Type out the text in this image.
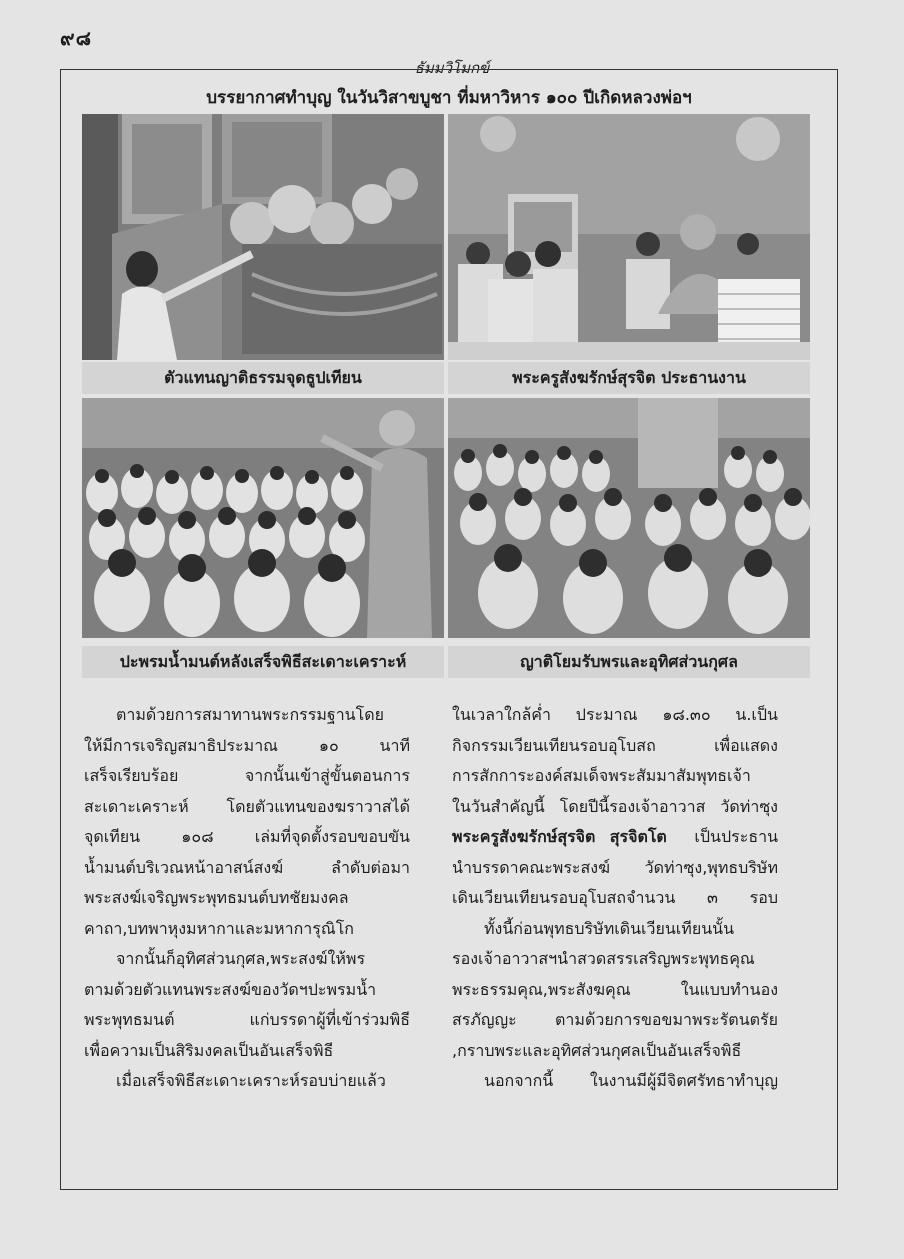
๙๘
ธัมมวิโมกข์
บรรยากาศทำบุญ ในวันวิสาขบูชา ที่มหาวิหาร ๑๐๐ ปีเกิดหลวงพ่อฯ
ตัวแทนญาติธรรมจุดธูปเทียน	พระครูสังฆรักษ์สุรจิต ประธานงาน
ปะพรมน้ำมนต์หลังเสร็จพิธีสะเดาะเคราะห์	ญาติโยมรับพรและอุทิศส่วนกุศล

ตามด้วยการสมาทานพระกรรมฐานโดย

ให้มีการเจริญสมาธิประมาณ ๑๐ นาที

เสร็จเรียบร้อย จากนั้นเข้าสู่ขั้นตอนการ

สะเดาะเคราะห์ โดยตัวแทนของฆราวาสได้

จุดเทียน ๑๐๘ เล่มที่จุดตั้งรอบขอบขัน

น้ำมนต์บริเวณหน้าอาสน์สงฆ์ ลำดับต่อมา

พระสงฆ์เจริญพระพุทธมนต์บทชัยมงคล

คาถา,บทพาหุงมหากาและมหาการุณิโก

จากนั้นก็อุทิศส่วนกุศล,พระสงฆ์ให้พร

ตามด้วยตัวแทนพระสงฆ์ของวัดฯปะพรมน้ำ

พระพุทธมนต์ แก่บรรดาผู้ที่เข้าร่วมพิธี

เพื่อความเป็นสิริมงคลเป็นอันเสร็จพิธี

เมื่อเสร็จพิธีสะเดาะเคราะห์รอบบ่ายแล้ว

ในเวลาใกล้ค่ำ ประมาณ ๑๘.๓๐ น.เป็น

กิจกรรมเวียนเทียนรอบอุโบสถ เพื่อแสดง

การสักการะองค์สมเด็จพระสัมมาสัมพุทธเจ้า

ในวันสำคัญนี้ โดยปีนี้รองเจ้าอาวาส วัดท่าซุง

พระครูสังฆรักษ์สุรจิต สุรจิตโต เป็นประธาน

นำบรรดาคณะพระสงฆ์ วัดท่าซุง,พุทธบริษัท

เดินเวียนเทียนรอบอุโบสถจำนวน ๓ รอบ

ทั้งนี้ก่อนพุทธบริษัทเดินเวียนเทียนนั้น

รองเจ้าอาวาสฯนำสวดสรรเสริญพระพุทธคุณ

พระธรรมคุณ,พระสังฆคุณ ในแบบทำนอง

สรภัญญะ ตามด้วยการขอขมาพระรัตนตรัย

,กราบพระและอุทิศส่วนกุศลเป็นอันเสร็จพิธี

นอกจากนี้ ในงานมีผู้มีจิตศรัทธาทำบุญ
